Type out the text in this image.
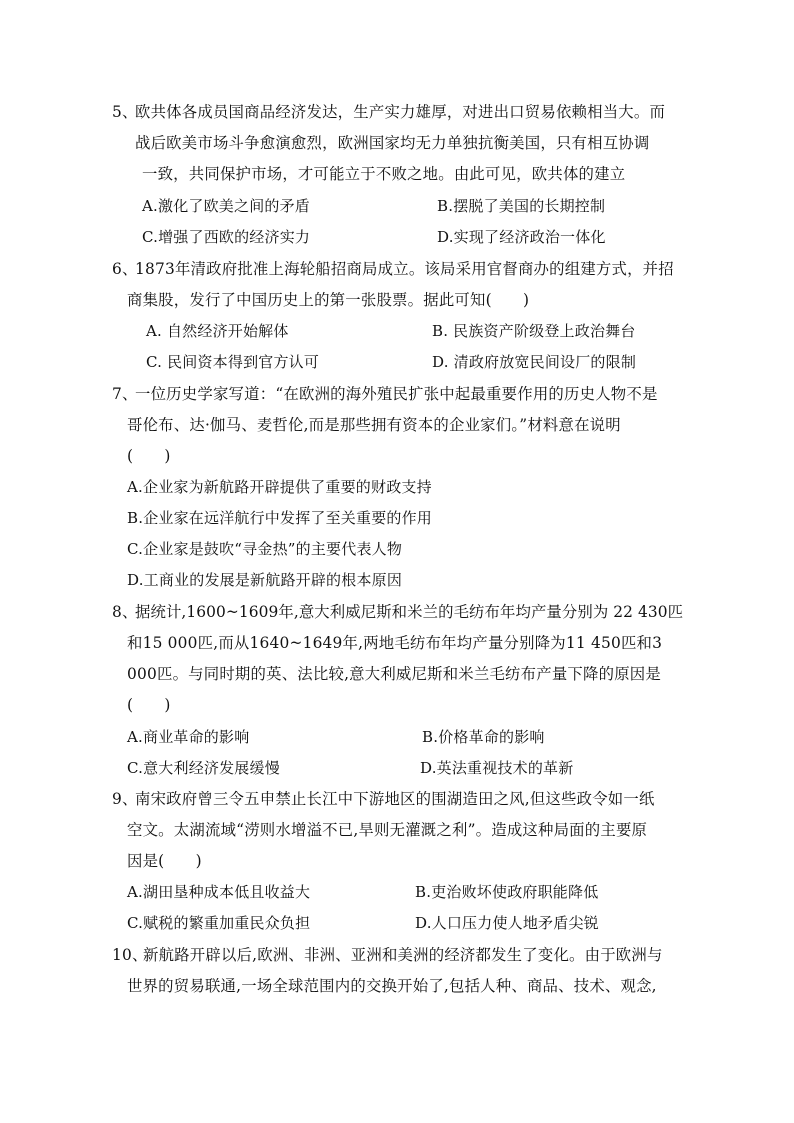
5、
欧共体各成员国商品经济发达，生产实力雄厚，对进出口贸易依赖相当大。而
战后欧美市场斗争愈演愈烈，欧洲国家均无力单独抗衡美国，只有相互协调
一致，共同保护市场，才可能立于不败之地。由此可见，欧共体的建立
A.激化了欧美之间的矛盾	B.摆脱了美国的长期控制
C.增强了西欧的经济实力	D.实现了经济政治一体化
6、
1873年清政府批准上海轮船招商局成立。该局采用官督商办的组建方式，并招
商集股，发行了中国历史上的第一张股票。据此可知(　　)
A. 自然经济开始解体	B. 民族资产阶级登上政治舞台
C. 民间资本得到官方认可	D. 清政府放宽民间设厂的限制
7、
一位历史学家写道：“在欧洲的海外殖民扩张中起最重要作用的历史人物不是
哥伦布、达·伽马、麦哲伦,而是那些拥有资本的企业家们。”材料意在说明
(　　)
A.企业家为新航路开辟提供了重要的财政支持
B.企业家在远洋航行中发挥了至关重要的作用
C.企业家是鼓吹“寻金热”的主要代表人物
D.工商业的发展是新航路开辟的根本原因
8、
据统计,1600~1609年,意大利威尼斯和米兰的毛纺布年均产量分别为 22 430匹
和15 000匹,而从1640~1649年,两地毛纺布年均产量分别降为11 450匹和3
000匹。与同时期的英、法比较,意大利威尼斯和米兰毛纺布产量下降的原因是
(　　)
A.商业革命的影响	B.价格革命的影响
C.意大利经济发展缓慢	D.英法重视技术的革新
9、
南宋政府曾三令五申禁止长江中下游地区的围湖造田之风,但这些政令如一纸
空文。太湖流域“涝则水增溢不已,旱则无灌溉之利”。造成这种局面的主要原
因是(　　)
A.湖田垦种成本低且收益大	B.吏治败坏使政府职能降低
C.赋税的繁重加重民众负担	D.人口压力使人地矛盾尖锐
10、
新航路开辟以后,欧洲、非洲、亚洲和美洲的经济都发生了变化。由于欧洲与
世界的贸易联通,一场全球范围内的交换开始了,包括人种、商品、技术、观念,
